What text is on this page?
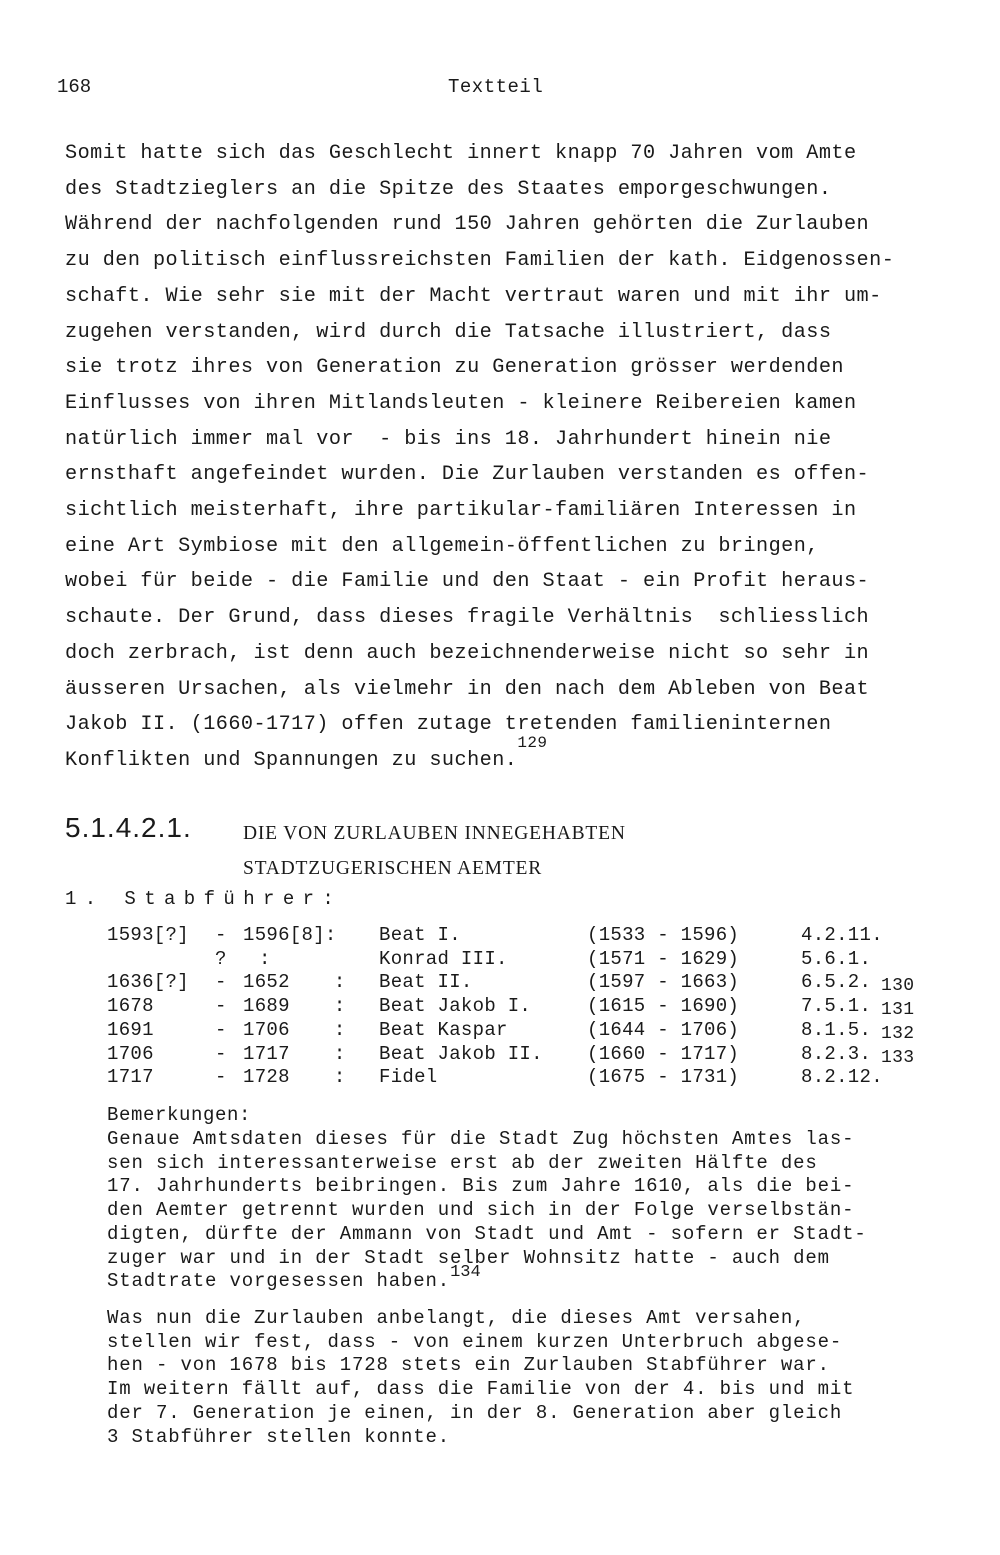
168	Textteil
Somit hatte sich das Geschlecht innert knapp 70 Jahren vom Amte
des Stadtzieglers an die Spitze des Staates emporgeschwungen.
Während der nachfolgenden rund 150 Jahren gehörten die Zurlauben
zu den politisch einflussreichsten Familien der kath. Eidgenossen-
schaft. Wie sehr sie mit der Macht vertraut waren und mit ihr um-
zugehen verstanden, wird durch die Tatsache illustriert, dass
sie trotz ihres von Generation zu Generation grösser werdenden
Einflusses von ihren Mitlandsleuten - kleinere Reibereien kamen
natürlich immer mal vor  - bis ins 18. Jahrhundert hinein nie
ernsthaft angefeindet wurden. Die Zurlauben verstanden es offen-
sichtlich meisterhaft, ihre partikular-familiären Interessen in
eine Art Symbiose mit den allgemein-öffentlichen zu bringen,
wobei für beide - die Familie und den Staat - ein Profit heraus-
schaute. Der Grund, dass dieses fragile Verhältnis  schliesslich
doch zerbrach, ist denn auch bezeichnenderweise nicht so sehr in
äusseren Ursachen, als vielmehr in den nach dem Ableben von Beat
Jakob II. (1660-1717) offen zutage tretenden familieninternen
Konflikten und Spannungen zu suchen.$^{129}$
5.1.4.2.1.	DIE VON ZURLAUBEN INNEGEHABTEN
STADTZUGERISCHEN AEMTER
1. Stabführer:
1593[?]	-	1596[8]:	Beat I.	(1533 - 1596)	4.2.11.

	?	:	Konrad III.	(1571 - 1629)	5.6.1.

1636[?]	-	1652 :	Beat II.	(1597 - 1663)	6.5.2. 130

1678	-	1689 :	Beat Jakob I.	(1615 - 1690)	7.5.1. 131

1691	-	1706 :	Beat Kaspar	(1644 - 1706)	8.1.5. 132

1706	-	1717 :	Beat Jakob II.	(1660 - 1717)	8.2.3. 133

1717	-	1728 :	Fidel	(1675 - 1731)	8.2.12.
Bemerkungen:
Genaue Amtsdaten dieses für die Stadt Zug höchsten Amtes las-
sen sich interessanterweise erst ab der zweiten Hälfte des
17. Jahrhunderts beibringen. Bis zum Jahre 1610, als die bei-
den Aemter getrennt wurden und sich in der Folge verselbstän-
digten, dürfte der Ammann von Stadt und Amt - sofern er Stadt-
zuger war und in der Stadt selber Wohnsitz hatte - auch dem
Stadtrate vorgesessen haben.$^{134}$
Was nun die Zurlauben anbelangt, die dieses Amt versahen,
stellen wir fest, dass - von einem kurzen Unterbruch abgese-
hen - von 1678 bis 1728 stets ein Zurlauben Stabführer war.
Im weitern fällt auf, dass die Familie von der 4. bis und mit
der 7. Generation je einen, in der 8. Generation aber gleich
3 Stabführer stellen konnte.
